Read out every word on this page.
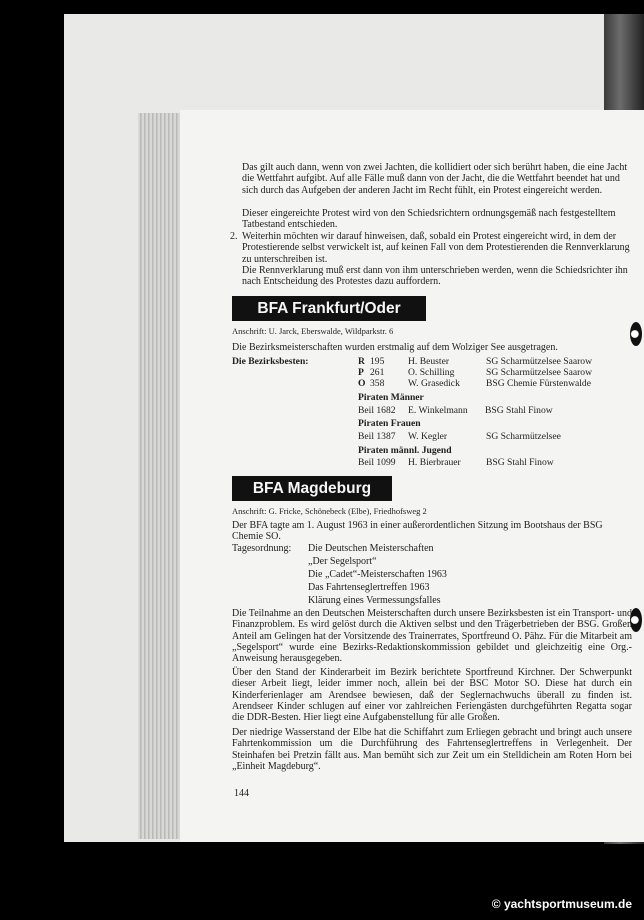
Das gilt auch dann, wenn von zwei Jachten, die kollidiert oder sich berührt haben, die eine Jacht die Wettfahrt aufgibt. Auf alle Fälle muß dann von der Jacht, die die Wettfahrt beendet hat und sich durch das Aufgeben der anderen Jacht im Recht fühlt, ein Protest eingereicht werden.
Dieser eingereichte Protest wird von den Schiedsrichtern ordnungsgemäß nach festgestelltem Tatbestand entschieden.
2. Weiterhin möchten wir darauf hinweisen, daß, sobald ein Protest eingereicht wird, in dem der Protestierende selbst verwickelt ist, auf keinen Fall von dem Protestierenden die Rennverklarung zu unterschreiben ist.
Die Rennverklarung muß erst dann von ihm unterschrieben werden, wenn die Schiedsrichter ihn nach Entscheidung des Protestes dazu auffordern.
BFA Frankfurt/Oder
Anschrift: U. Jarck, Eberswalde, Wildparkstr. 6
Die Bezirksmeisterschaften wurden erstmalig auf dem Wolziger See ausgetragen.
Die Bezirksbesten:	R 195 H. Beuster	SG Scharmützelsee Saarow
P 261 O. Schilling	SG Scharmützelsee Saarow
O 358 W. Grasedick	BSG Chemie Fürstenwalde
Piraten Männer
Beil 1682 E. Winkelmann BSG Stahl Finow
Piraten Frauen
Beil 1387 W. Kegler	SG Scharmützelsee
Piraten männl. Jugend
Beil 1099 H. Bierbrauer	BSG Stahl Finow
BFA Magdeburg
Anschrift: G. Fricke, Schönebeck (Elbe), Friedhofsweg 2
Der BFA tagte am 1. August 1963 in einer außerordentlichen Sitzung im Bootshaus der BSG Chemie SO.
Tagesordnung: Die Deutschen Meisterschaften
„Der Segelsport“
Die „Cadet“-Meisterschaften 1963
Das Fahrtenseglertreffen 1963
Klärung eines Vermessungsfalles
Die Teilnahme an den Deutschen Meisterschaften durch unsere Bezirksbesten ist ein Transport- und Finanzproblem. Es wird gelöst durch die Aktiven selbst und den Trägerbetrieben der BSG. Großen Anteil am Gelingen hat der Vorsitzende des Trainerrates, Sportfreund O. Pähz. Für die Mitarbeit am „Segelsport“ wurde eine Bezirks-Redaktionskommission gebildet und gleichzeitig eine Org.-Anweisung herausgegeben.
Über den Stand der Kinderarbeit im Bezirk berichtete Sportfreund Kirchner. Der Schwerpunkt dieser Arbeit liegt, leider immer noch, allein bei der BSC Motor SO. Diese hat durch ein Kinderferienlager am Arendsee bewiesen, daß der Seglernachwuchs überall zu finden ist. Arendseer Kinder schlugen auf einer vor zahlreichen Feriengästen durchgeführten Regatta sogar die DDR-Besten. Hier liegt eine Aufgabenstellung für alle Großen.
Der niedrige Wasserstand der Elbe hat die Schiffahrt zum Erliegen gebracht und bringt auch unsere Fahrtenkommission um die Durchführung des Fahrtenseglertreffens in Verlegenheit. Der Steinhafen bei Pretzin fällt aus. Man bemüht sich zur Zeit um ein Stelldichein am Roten Horn bei „Einheit Magdeburg“.
144
© yachtsportmuseum.de
